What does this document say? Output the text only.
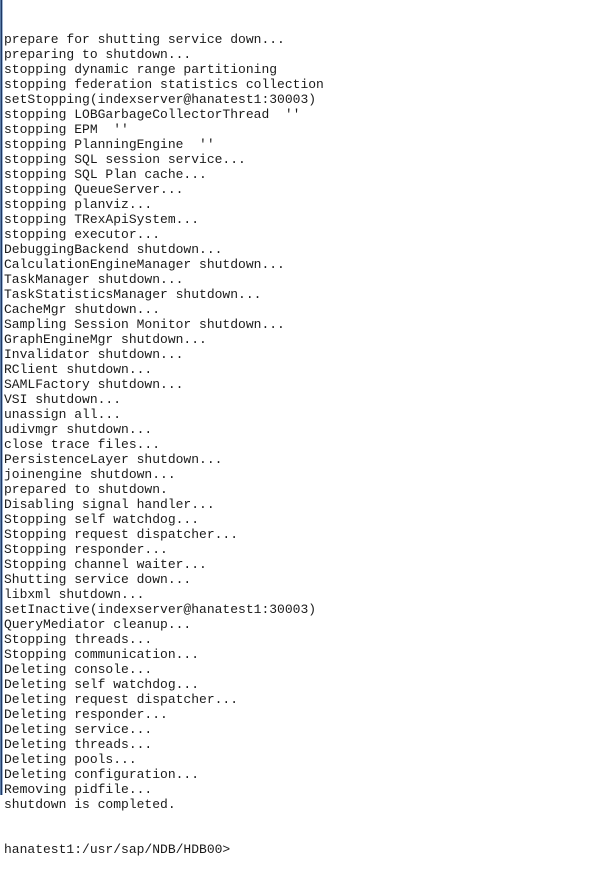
prepare for shutting service down...
preparing to shutdown...
stopping dynamic range partitioning
stopping federation statistics collection
setStopping(indexserver@hanatest1:30003)
stopping LOBGarbageCollectorThread  ''
stopping EPM  ''
stopping PlanningEngine  ''
stopping SQL session service...
stopping SQL Plan cache...
stopping QueueServer...
stopping planviz...
stopping TRexApiSystem...
stopping executor...
DebuggingBackend shutdown...
CalculationEngineManager shutdown...
TaskManager shutdown...
TaskStatisticsManager shutdown...
CacheMgr shutdown...
Sampling Session Monitor shutdown...
GraphEngineMgr shutdown...
Invalidator shutdown...
RClient shutdown...
SAMLFactory shutdown...
VSI shutdown...
unassign all...
udivmgr shutdown...
close trace files...
PersistenceLayer shutdown...
joinengine shutdown...
prepared to shutdown.
Disabling signal handler...
Stopping self watchdog...
Stopping request dispatcher...
Stopping responder...
Stopping channel waiter...
Shutting service down...
libxml shutdown...
setInactive(indexserver@hanatest1:30003)
QueryMediator cleanup...
Stopping threads...
Stopping communication...
Deleting console...
Deleting self watchdog...
Deleting request dispatcher...
Deleting responder...
Deleting service...
Deleting threads...
Deleting pools...
Deleting configuration...
Removing pidfile...
shutdown is completed.

hanatest1:/usr/sap/NDB/HDB00>
